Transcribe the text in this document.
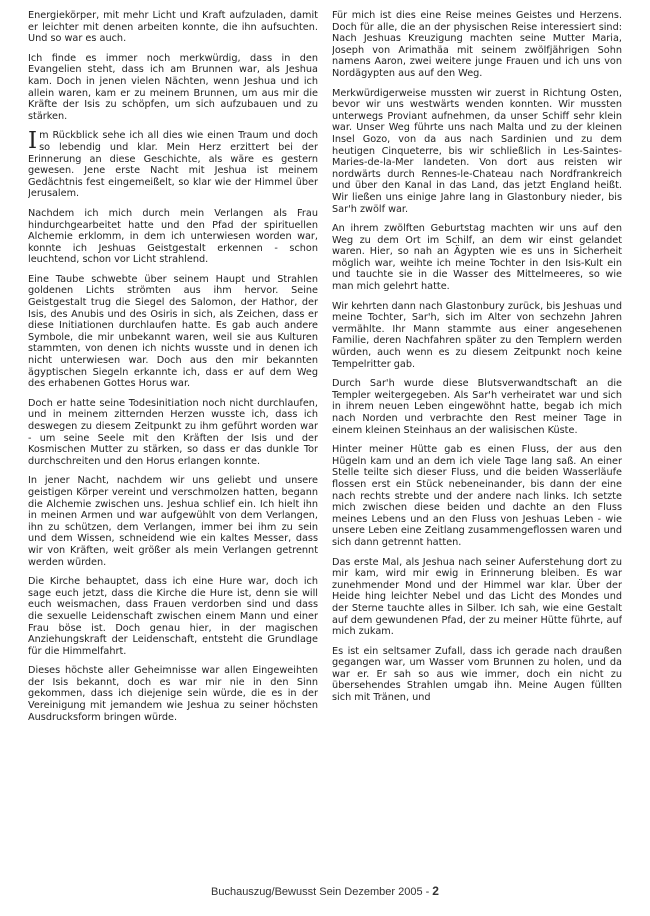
Energiekörper, mit mehr Licht und Kraft aufzuladen, damit er leichter mit denen arbeiten konnte, die ihn aufsuchten. Und so war es auch.

Ich finde es immer noch merkwürdig, dass in den Evangelien steht, dass ich am Brunnen war, als Jeshua kam. Doch in jenen vielen Nächten, wenn Jeshua und ich allein waren, kam er zu meinem Brunnen, um aus mir die Kräfte der Isis zu schöpfen, um sich aufzubauen und zu stärken.

Im Rückblick sehe ich all dies wie einen Traum und doch so lebendig und klar. Mein Herz erzittert bei der Erinnerung an diese Geschichte, als wäre es gestern gewesen. Jene erste Nacht mit Jeshua ist meinem Gedächtnis fest eingemeißelt, so klar wie der Himmel über Jerusalem.

Nachdem ich mich durch mein Verlangen als Frau hindurchgearbeitet hatte und den Pfad der spirituellen Alchemie erklomm, in dem ich unterwiesen worden war, konnte ich Jeshuas Geistgestalt erkennen - schon leuchtend, schon vor Licht strahlend.

Eine Taube schwebte über seinem Haupt und Strahlen goldenen Lichts strömten aus ihm hervor. Seine Geistgestalt trug die Siegel des Salomon, der Hathor, der Isis, des Anubis und des Osiris in sich, als Zeichen, dass er diese Initiationen durchlaufen hatte. Es gab auch andere Symbole, die mir unbekannt waren, weil sie aus Kulturen stammten, von denen ich nichts wusste und in denen ich nicht unterwiesen war. Doch aus den mir bekannten ägyptischen Siegeln erkannte ich, dass er auf dem Weg des erhabenen Gottes Horus war.

Doch er hatte seine Todesinitiation noch nicht durchlaufen, und in meinem zitternden Herzen wusste ich, dass ich deswegen zu diesem Zeitpunkt zu ihm geführt worden war - um seine Seele mit den Kräften der Isis und der Kosmischen Mutter zu stärken, so dass er das dunkle Tor durchschreiten und den Horus erlangen konnte.

In jener Nacht, nachdem wir uns geliebt und unsere geistigen Körper vereint und verschmolzen hatten, begann die Alchemie zwischen uns. Jeshua schlief ein. Ich hielt ihn in meinen Armen und war aufgewühlt von dem Verlangen, ihn zu schützen, dem Verlangen, immer bei ihm zu sein und dem Wissen, schneidend wie ein kaltes Messer, dass wir von Kräften, weit größer als mein Verlangen getrennt werden würden.

Die Kirche behauptet, dass ich eine Hure war, doch ich sage euch jetzt, dass die Kirche die Hure ist, denn sie will euch weismachen, dass Frauen verdorben sind und dass die sexuelle Leidenschaft zwischen einem Mann und einer Frau böse ist. Doch genau hier, in der magischen Anziehungskraft der Leidenschaft, entsteht die Grundlage für die Himmelfahrt.

Dieses höchste aller Geheimnisse war allen Eingeweihten der Isis bekannt, doch es war mir nie in den Sinn gekommen, dass ich diejenige sein würde, die es in der Vereinigung mit jemandem wie Jeshua zu seiner höchsten Ausdrucksform bringen würde.

Für mich ist dies eine Reise meines Geistes und Herzens. Doch für alle, die an der physischen Reise interessiert sind: Nach Jeshuas Kreuzigung machten seine Mutter Maria, Joseph von Arimathäa mit seinem zwölfjährigen Sohn namens Aaron, zwei weitere junge Frauen und ich uns von Nordägypten aus auf den Weg.

Merkwürdigerweise mussten wir zuerst in Richtung Osten, bevor wir uns westwärts wenden konnten. Wir mussten unterwegs Proviant aufnehmen, da unser Schiff sehr klein war. Unser Weg führte uns nach Malta und zu der kleinen Insel Gozo, von da aus nach Sardinien und zu dem heutigen Cinqueterre, bis wir schließlich in Les-Saintes-Maries-de-la-Mer landeten. Von dort aus reisten wir nordwärts durch Rennes-le-Chateau nach Nordfrankreich und über den Kanal in das Land, das jetzt England heißt. Wir ließen uns einige Jahre lang in Glastonbury nieder, bis Sar'h zwölf war.

An ihrem zwölften Geburtstag machten wir uns auf den Weg zu dem Ort im Schilf, an dem wir einst gelandet waren. Hier, so nah an Ägypten wie es uns in Sicherheit möglich war, weihte ich meine Tochter in den Isis-Kult ein und tauchte sie in die Wasser des Mittelmeeres, so wie man mich gelehrt hatte.

Wir kehrten dann nach Glastonbury zurück, bis Jeshuas und meine Tochter, Sar'h, sich im Alter von sechzehn Jahren vermählte. Ihr Mann stammte aus einer angesehenen Familie, deren Nachfahren später zu den Templern werden würden, auch wenn es zu diesem Zeitpunkt noch keine Tempelritter gab.

Durch Sar'h wurde diese Blutsverwandtschaft an die Templer weitergegeben. Als Sar'h verheiratet war und sich in ihrem neuen Leben eingewöhnt hatte, begab ich mich nach Norden und verbrachte den Rest meiner Tage in einem kleinen Steinhaus an der walisischen Küste.

Hinter meiner Hütte gab es einen Fluss, der aus den Hügeln kam und an dem ich viele Tage lang saß. An einer Stelle teilte sich dieser Fluss, und die beiden Wasserläufe flossen erst ein Stück nebeneinander, bis dann der eine nach rechts strebte und der andere nach links. Ich setzte mich zwischen diese beiden und dachte an den Fluss meines Lebens und an den Fluss von Jeshuas Leben - wie unsere Leben eine Zeitlang zusammengeflossen waren und sich dann getrennt hatten.

Das erste Mal, als Jeshua nach seiner Auferstehung dort zu mir kam, wird mir ewig in Erinnerung bleiben. Es war zunehmender Mond und der Himmel war klar. Über der Heide hing leichter Nebel und das Licht des Mondes und der Sterne tauchte alles in Silber. Ich sah, wie eine Gestalt auf dem gewundenen Pfad, der zu meiner Hütte führte, auf mich zukam.

Es ist ein seltsamer Zufall, dass ich gerade nach draußen gegangen war, um Wasser vom Brunnen zu holen, und da war er. Er sah so aus wie immer, doch ein nicht zu übersehendes Strahlen umgab ihn. Meine Augen füllten sich mit Tränen, und

Buchauszug/Bewusst Sein Dezember 2005 - 2
